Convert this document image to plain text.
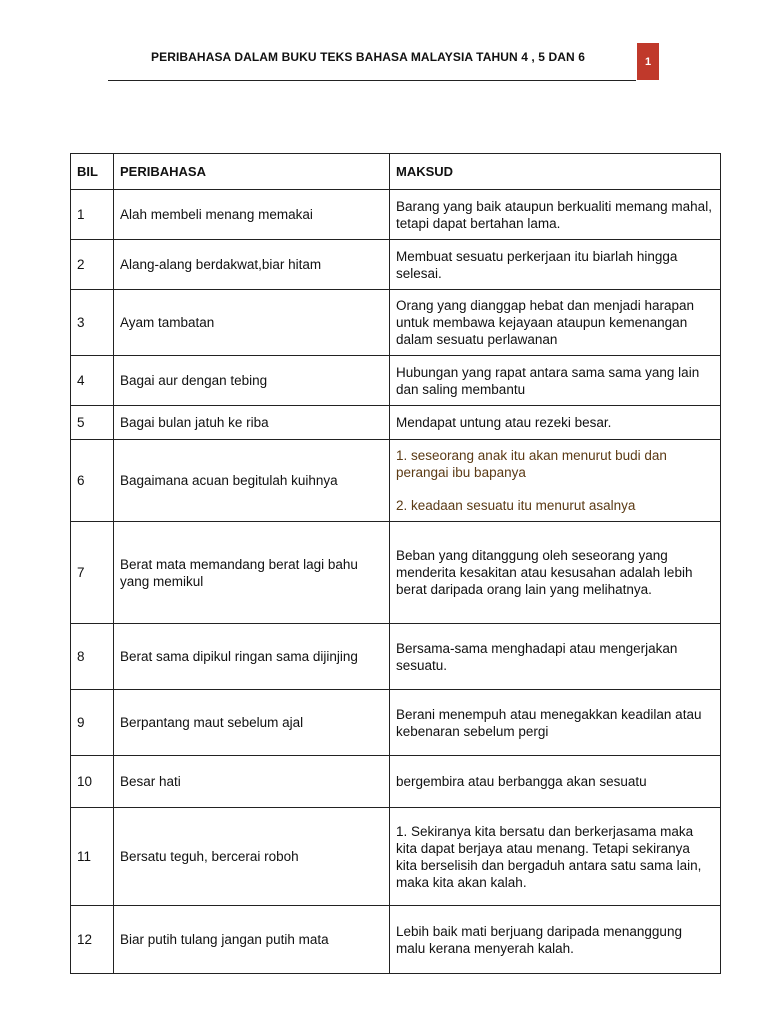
PERIBAHASA DALAM BUKU TEKS BAHASA MALAYSIA TAHUN 4 , 5 DAN 6	1
BIL	PERIBAHASA	MAKSUD
1	Alah membeli menang memakai	Barang yang baik ataupun berkualiti memang mahal, tetapi dapat bertahan lama.

2	Alang-alang berdakwat,biar hitam	Membuat sesuatu perkerjaan itu biarlah hingga selesai.

3	Ayam tambatan	Orang yang dianggap hebat dan menjadi harapan untuk membawa kejayaan ataupun kemenangan dalam sesuatu perlawanan

4	Bagai aur dengan tebing	Hubungan yang rapat antara sama sama yang lain dan saling membantu

5	Bagai bulan jatuh ke riba	Mendapat untung atau rezeki besar.

6	Bagaimana acuan begitulah kuihnya	1. seseorang anak itu akan menurut budi dan perangai ibu bapanya
2. keadaan sesuatu itu menurut asalnya

7	Berat mata memandang berat lagi bahu yang memikul	Beban yang ditanggung oleh seseorang yang menderita kesakitan atau kesusahan adalah lebih berat daripada orang lain yang melihatnya.

8	Berat sama dipikul ringan sama dijinjing	Bersama-sama menghadapi atau mengerjakan sesuatu.

9	Berpantang maut sebelum ajal	Berani menempuh atau menegakkan keadilan atau kebenaran sebelum pergi

10	Besar hati	bergembira atau berbangga akan sesuatu

11	Bersatu teguh, bercerai roboh	1. Sekiranya kita bersatu dan berkerjasama maka kita dapat berjaya atau menang. Tetapi sekiranya kita berselisih dan bergaduh antara satu sama lain, maka kita akan kalah.

12	Biar putih tulang jangan putih mata	Lebih baik mati berjuang daripada menanggung malu kerana menyerah kalah.
